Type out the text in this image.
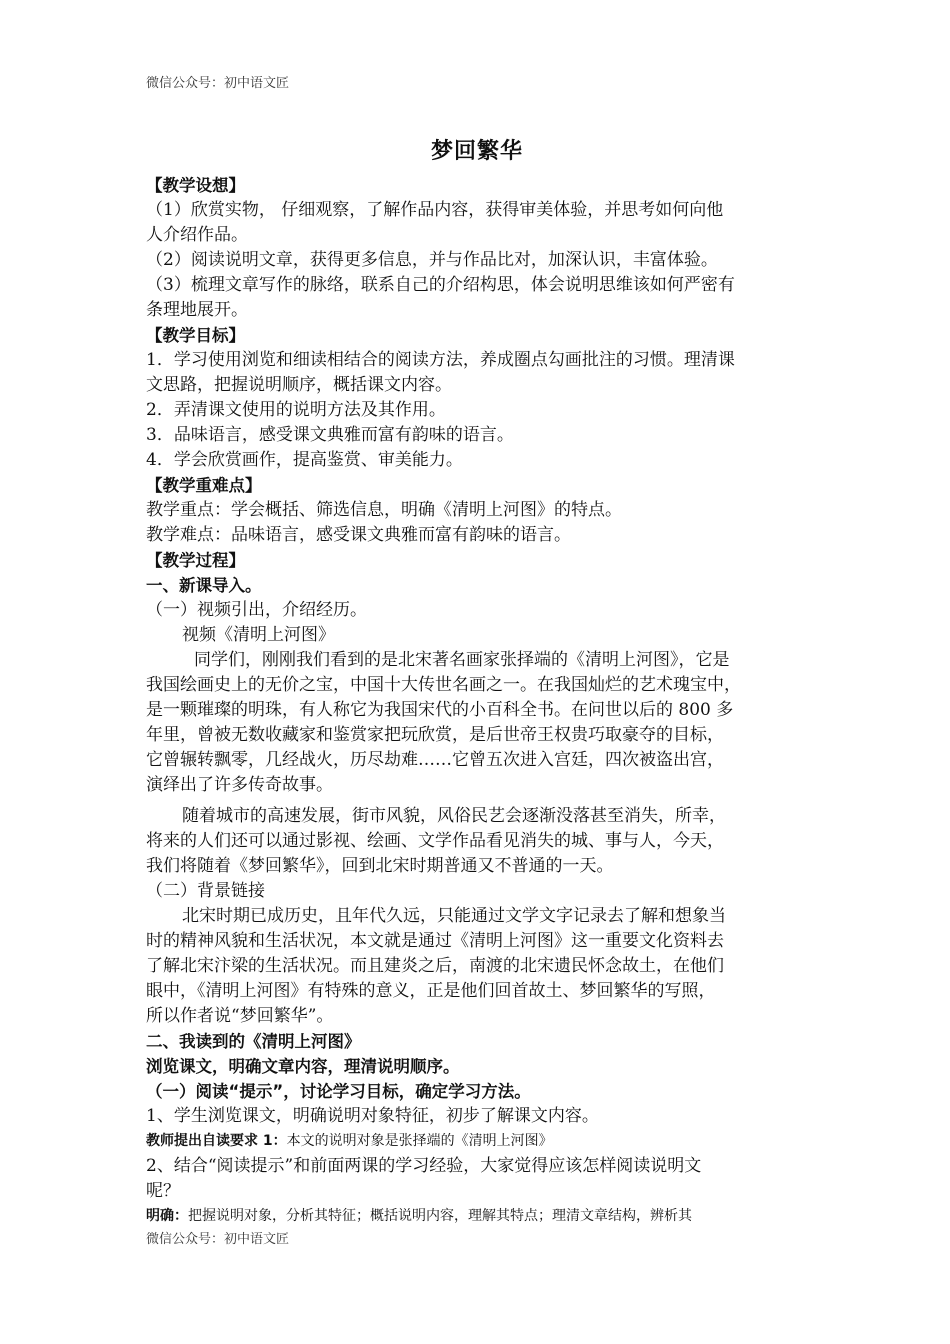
微信公众号：初中语文匠
梦回繁华
【教学设想】
（1）欣赏实物， 仔细观察，了解作品内容，获得审美体验，并思考如何向他
人介绍作品。
（2）阅读说明文章，获得更多信息，并与作品比对，加深认识，丰富体验。
（3）梳理文章写作的脉络，联系自己的介绍构思，体会说明思维该如何严密有
条理地展开。
【教学目标】
1．学习使用浏览和细读相结合的阅读方法，养成圈点勾画批注的习惯。理清课
文思路，把握说明顺序，概括课文内容。
2．弄清课文使用的说明方法及其作用。
3．品味语言，感受课文典雅而富有韵味的语言。
4．学会欣赏画作，提高鉴赏、审美能力。
【教学重难点】
教学重点：学会概括、筛选信息，明确《清明上河图》的特点。
教学难点：品味语言，感受课文典雅而富有韵味的语言。
【教学过程】
一、新课导入。
（一）视频引出，介绍经历。
视频《清明上河图》
同学们，刚刚我们看到的是北宋著名画家张择端的《清明上河图》，它是
我国绘画史上的无价之宝，中国十大传世名画之一。在我国灿烂的艺术瑰宝中，
是一颗璀璨的明珠，有人称它为我国宋代的小百科全书。在问世以后的 800 多
年里，曾被无数收藏家和鉴赏家把玩欣赏，是后世帝王权贵巧取豪夺的目标，
它曾辗转飘零，几经战火，历尽劫难……它曾五次进入宫廷，四次被盗出宫，
演绎出了许多传奇故事。
随着城市的高速发展，街市风貌，风俗民艺会逐渐没落甚至消失，所幸，
将来的人们还可以通过影视、绘画、文学作品看见消失的城、事与人，今天，
我们将随着《梦回繁华》，回到北宋时期普通又不普通的一天。
（二）背景链接
北宋时期已成历史，且年代久远，只能通过文学文字记录去了解和想象当
时的精神风貌和生活状况，本文就是通过《清明上河图》这一重要文化资料去
了解北宋汴梁的生活状况。而且建炎之后，南渡的北宋遗民怀念故土，在他们
眼中，《清明上河图》有特殊的意义，正是他们回首故土、梦回繁华的写照，
所以作者说“梦回繁华”。
二、我读到的《清明上河图》
浏览课文，明确文章内容，理清说明顺序。
（一）阅读“提示”，讨论学习目标，确定学习方法。
1、学生浏览课文，明确说明对象特征，初步了解课文内容。
教师提出自读要求 1：本文的说明对象是张择端的《清明上河图》
2、结合“阅读提示”和前面两课的学习经验，大家觉得应该怎样阅读说明文
呢？
明确：把握说明对象，分析其特征；概括说明内容，理解其特点；理清文章结构，辨析其
微信公众号：初中语文匠
